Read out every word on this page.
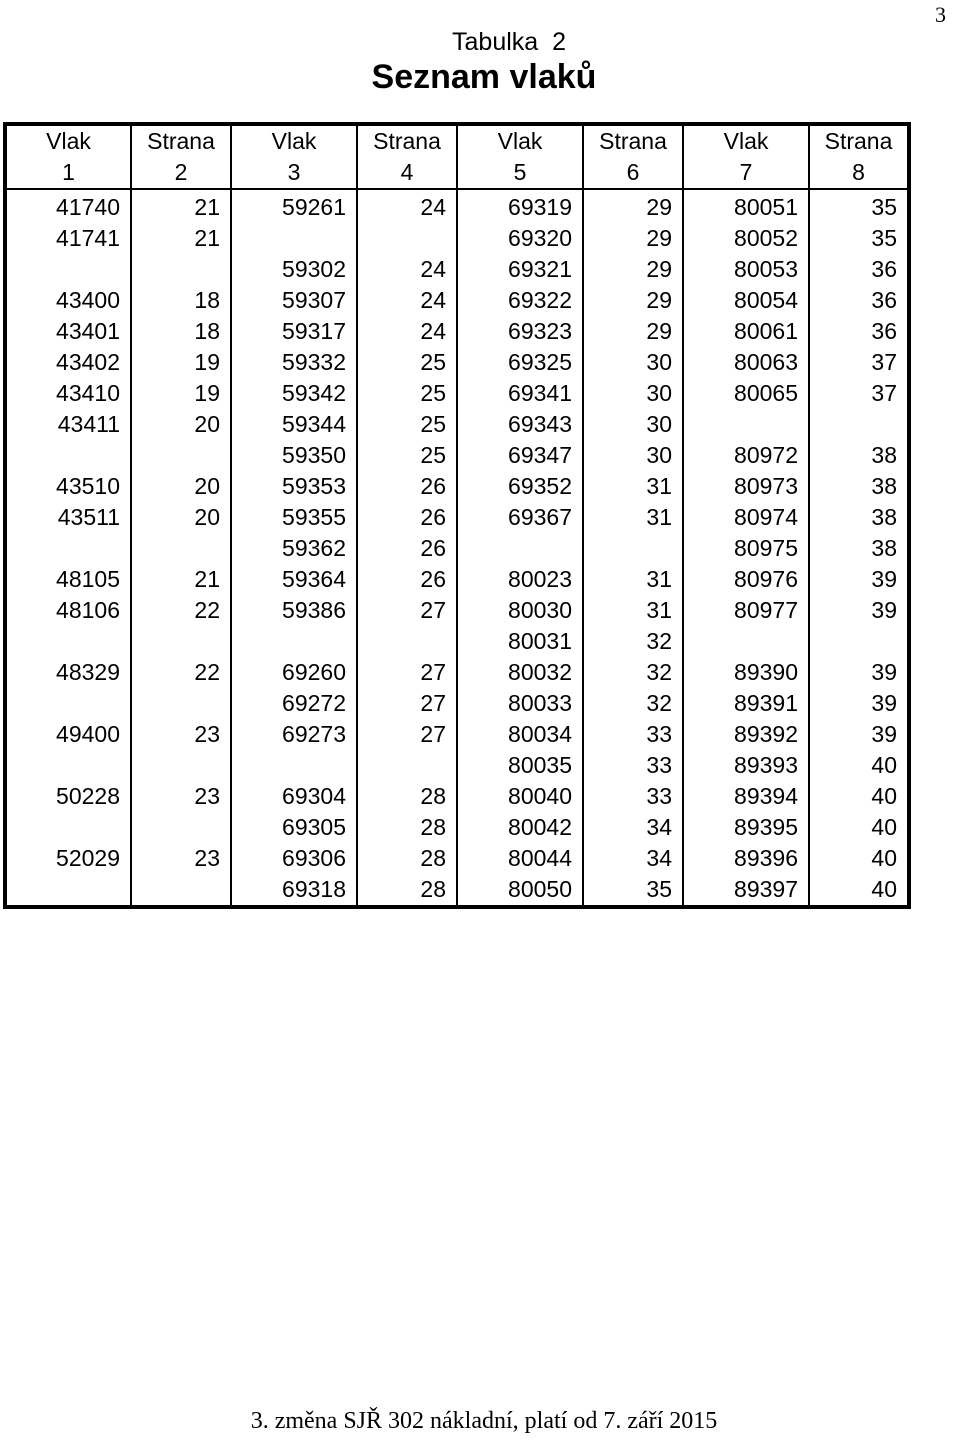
3
Tabulka  2
Seznam vlaků
Vlak	Strana	Vlak	Strana	Vlak	Strana	Vlak	Strana
1	2	3	4	5	6	7	8
41740	21	59261	24	69319	29	80051	35
41741	21			69320	29	80052	35
		59302	24	69321	29	80053	36
43400	18	59307	24	69322	29	80054	36
43401	18	59317	24	69323	29	80061	36
43402	19	59332	25	69325	30	80063	37
43410	19	59342	25	69341	30	80065	37
43411	20	59344	25	69343	30		
		59350	25	69347	30	80972	38
43510	20	59353	26	69352	31	80973	38
43511	20	59355	26	69367	31	80974	38
		59362	26			80975	38
48105	21	59364	26	80023	31	80976	39
48106	22	59386	27	80030	31	80977	39
				80031	32		
48329	22	69260	27	80032	32	89390	39
		69272	27	80033	32	89391	39
49400	23	69273	27	80034	33	89392	39
				80035	33	89393	40
50228	23	69304	28	80040	33	89394	40
		69305	28	80042	34	89395	40
52029	23	69306	28	80044	34	89396	40
		69318	28	80050	35	89397	40
3. změna SJŘ 302 nákladní, platí od 7. září 2015
